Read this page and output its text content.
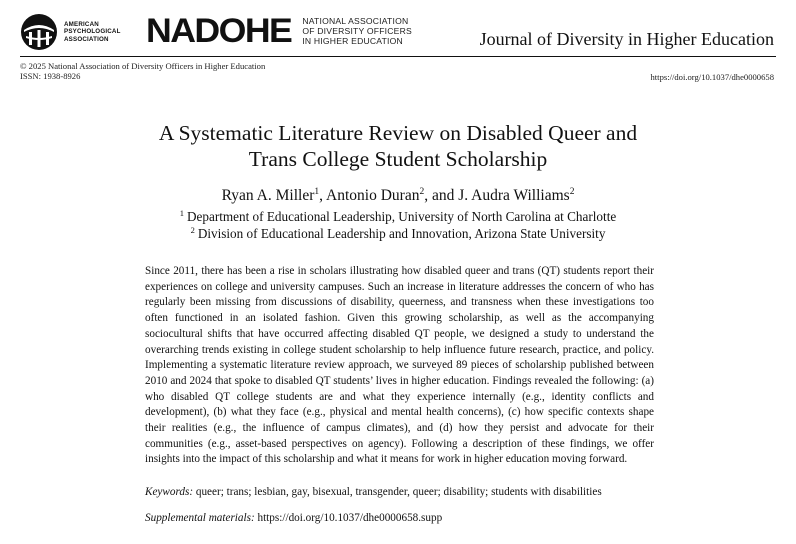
AMERICAN
PSYCHOLOGICAL
ASSOCIATION	NADOHE NATIONAL ASSOCIATION
OF DIVERSITY OFFICERS
IN HIGHER EDUCATION	Journal of Diversity in Higher Education
© 2025 National Association of Diversity Officers in Higher Education
ISSN: 1938-8926	https://doi.org/10.1037/dhe0000658
A Systematic Literature Review on Disabled Queer and
Trans College Student Scholarship
Ryan A. Miller$^1$, Antonio Duran$^2$, and J. Audra Williams$^2$
$^1$ Department of Educational Leadership, University of North Carolina at Charlotte
$^2$ Division of Educational Leadership and Innovation, Arizona State University
Since 2011, there has been a rise in scholars illustrating how disabled queer and trans (QT) students report their experiences on college and university campuses. Such an increase in literature addresses the concern of who has regularly been missing from discussions of disability, queerness, and transness when these investigations too often functioned in an isolated fashion. Given this growing scholarship, as well as the accompanying sociocultural shifts that have occurred affecting disabled QT people, we designed a study to understand the overarching trends existing in college student scholarship to help influence future research, practice, and policy. Implementing a systematic literature review approach, we surveyed 89 pieces of scholarship published between 2010 and 2024 that spoke to disabled QT students’ lives in higher education. Findings revealed the following: (a) who disabled QT college students are and what they experience internally (e.g., identity conflicts and development), (b) what they face (e.g., physical and mental health concerns), (c) how specific contexts shape their realities (e.g., the influence of campus climates), and (d) how they persist and advocate for their communities (e.g., asset-based perspectives on agency). Following a description of these findings, we offer insights into the impact of this scholarship and what it means for work in higher education moving forward.
Keywords: queer; trans; lesbian, gay, bisexual, transgender, queer; disability; students with disabilities
Supplemental materials: https://doi.org/10.1037/dhe0000658.supp
